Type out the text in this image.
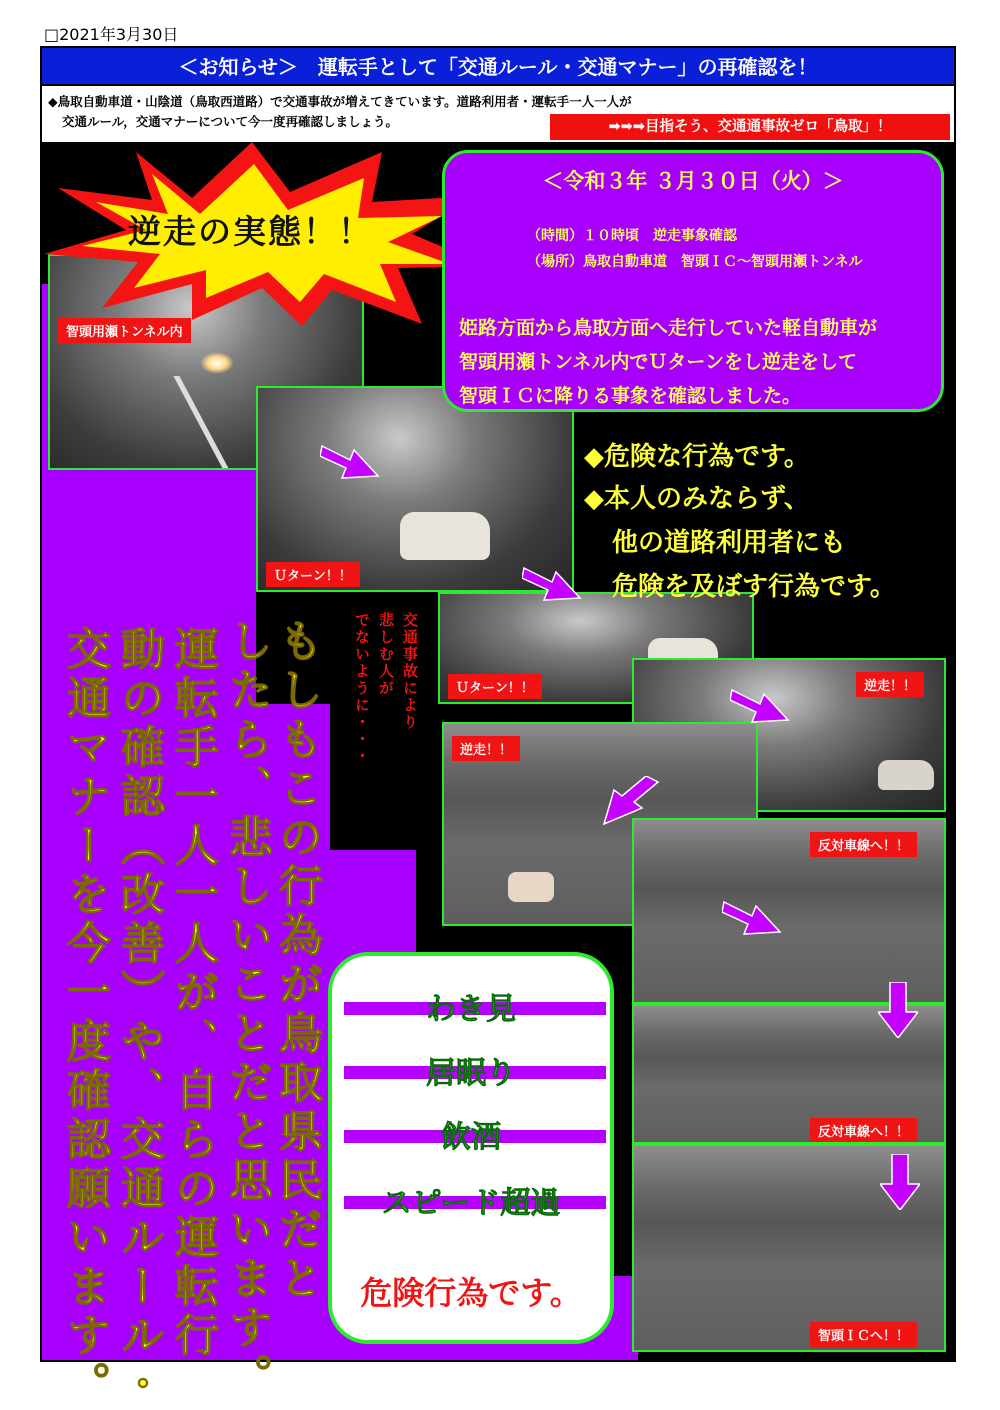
□2021年3月30日
＜お知らせ＞　運転手として「交通ルール・交通マナー」の再確認を！
◆鳥取自動車道・山陰道（鳥取西道路）で交通事故が増えてきています。道路利用者・運転手一人一人が
交通ルール，交通マナーについて今一度再確認しましょう。	➡➡➡目指そう、交通通事故ゼロ「鳥取」！
智頭用瀬トンネル内
Ｕターン！！
Ｕターン！！	逆走！！
逆走！！
反対車線へ！！
反対車線へ！！
智頭ＩＣへ！！
逆走の実態！！
＜令和３年 ３月３０日（火）＞
（時間）１０時頃　逆走事象確認
（場所）鳥取自動車道　智頭ＩＣ～智頭用瀬トンネル
姫路方面から鳥取方面へ走行していた軽自動車が
智頭用瀬トンネル内でＵターンをし逆走をして
智頭ＩＣに降りる事象を確認しました。
◆危険な行為です。
◆本人のみならず、
他の道路利用者にも
危険を及ぼす行為です。
もしもこの行為が鳥取県民だと
したら、悲しいことだと思います。
運転手一人一人が、自らの運転行
動の確認（改善）や、交通ルール・
交通マナーを今一度確認願います。	交通事故により
悲しむ人が
でないように・・・
わき見
居眠り
飲酒
スピード超過
危険行為です。
